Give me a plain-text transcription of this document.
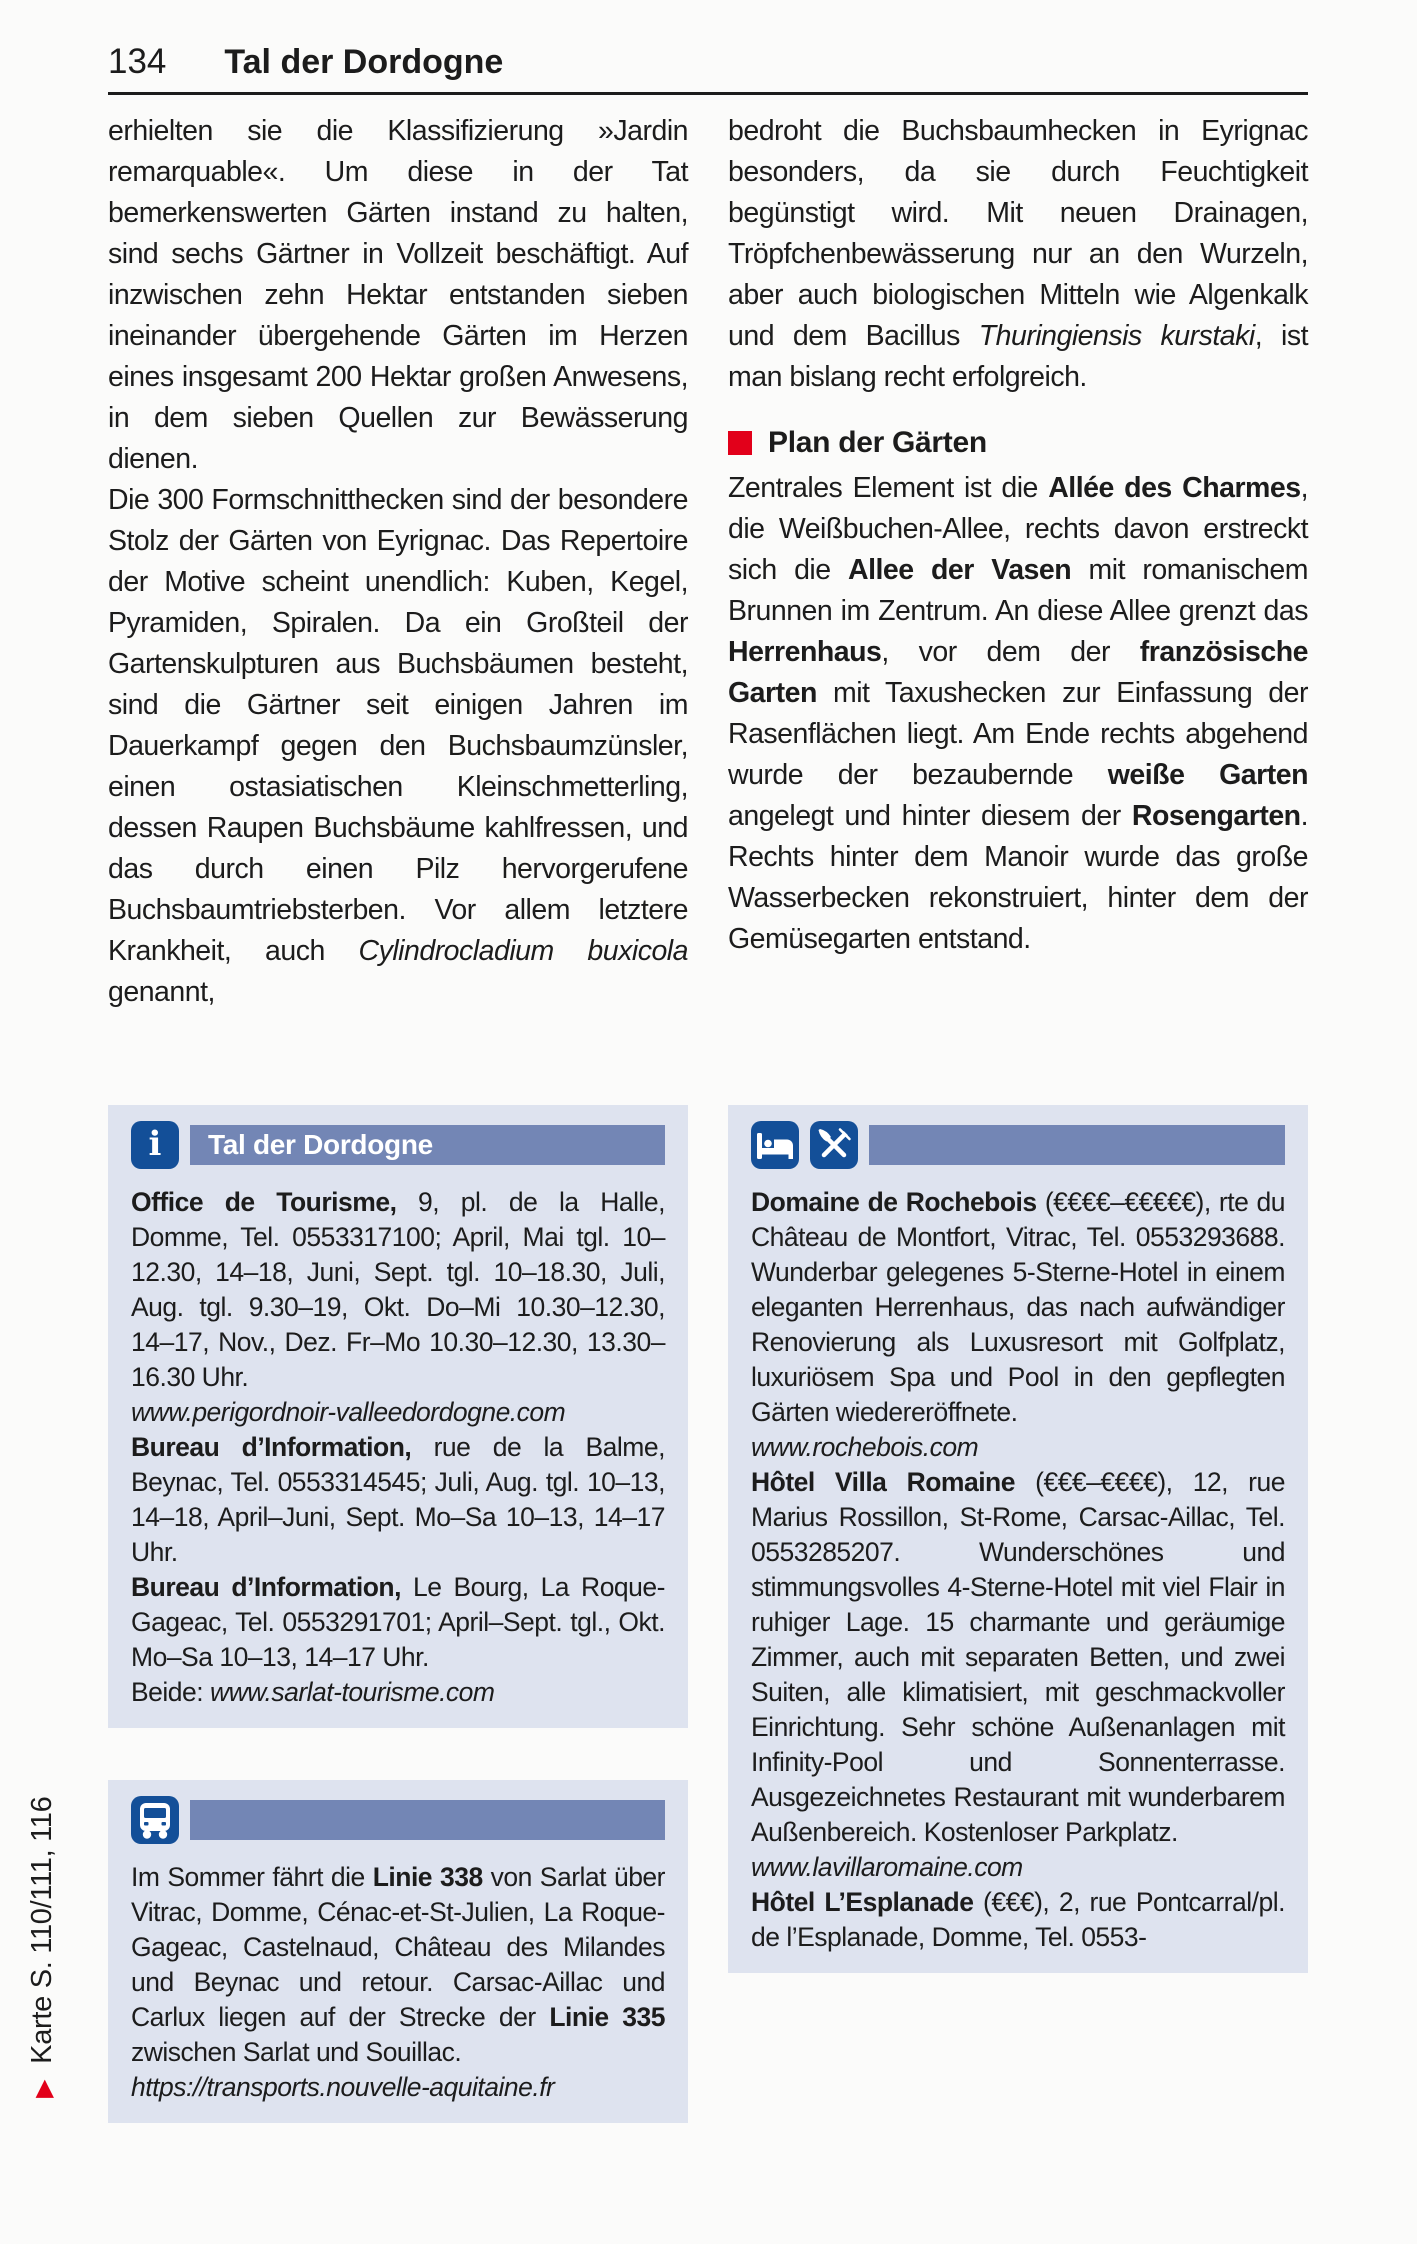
▶Karte S. 110/111, 116
134 Tal der Dordogne

erhielten sie die Klassifizierung »Jardin remarquable«. Um diese in der Tat bemerkenswerten Gärten instand zu halten, sind sechs Gärtner in Vollzeit beschäftigt. Auf inzwischen zehn Hektar entstanden sieben ineinander übergehende Gärten im Herzen eines insgesamt 200 Hektar großen Anwesens, in dem sieben Quellen zur Bewässerung dienen.

Die 300 Formschnitthecken sind der besondere Stolz der Gärten von Eyrignac. Das Repertoire der Motive scheint unendlich: Kuben, Kegel, Pyramiden, Spiralen. Da ein Großteil der Gartenskulpturen aus Buchsbäumen besteht, sind die Gärtner seit einigen Jahren im Dauerkampf gegen den Buchsbaumzünsler, einen ostasiatischen Kleinschmetterling, dessen Raupen Buchsbäume kahlfressen, und das durch einen Pilz hervorgerufene Buchsbaumtriebsterben. Vor allem letztere Krankheit, auch Cylindrocladium buxicola genannt,

bedroht die Buchsbaumhecken in Eyrignac besonders, da sie durch Feuchtigkeit begünstigt wird. Mit neuen Drainagen, Tröpfchenbewässerung nur an den Wurzeln, aber auch biologischen Mitteln wie Algenkalk und dem Bacillus Thuringiensis kurstaki, ist man bislang recht erfolgreich.

Plan der Gärten

Zentrales Element ist die Allée des Charmes, die Weißbuchen-Allee, rechts davon erstreckt sich die Allee der Vasen mit romanischem Brunnen im Zentrum. An diese Allee grenzt das Herrenhaus, vor dem der französische Garten mit Taxushecken zur Einfassung der Rasenflächen liegt. Am Ende rechts abgehend wurde der bezaubernde weiße Garten angelegt und hinter diesem der Rosengarten. Rechts hinter dem Manoir wurde das große Wasserbecken rekonstruiert, hinter dem der Gemüsegarten entstand.

i Tal der Dordogne

Office de Tourisme, 9, pl. de la Halle, Domme, Tel. 0553317100; April, Mai tgl. 10–12.30, 14–18, Juni, Sept. tgl. 10–18.30, Juli, Aug. tgl. 9.30–19, Okt. Do–Mi 10.30–12.30, 14–17, Nov., Dez. Fr–Mo 10.30–12.30, 13.30–16.30 Uhr.

www.perigordnoir-valleedordogne.com

Bureau d’Information, rue de la Balme, Beynac, Tel. 0553314545; Juli, Aug. tgl. 10–13, 14–18, April–Juni, Sept. Mo–Sa 10–13, 14–17 Uhr.

Bureau d’Information, Le Bourg, La Roque-Gageac, Tel. 0553291701; April–Sept. tgl., Okt. Mo–Sa 10–13, 14–17 Uhr.

Beide: www.sarlat-tourisme.com

Im Sommer fährt die Linie 338 von Sarlat über Vitrac, Domme, Cénac-et-St-Julien, La Roque-Gageac, Castelnaud, Château des Milandes und Beynac und retour. Carsac-Aillac und Carlux liegen auf der Strecke der Linie 335 zwischen Sarlat und Souillac.

https://transports.nouvelle-aquitaine.fr

Domaine de Rochebois (€€€€–€€€€€), rte du Château de Montfort, Vitrac, Tel. 0553293688. Wunderbar gelegenes 5-Sterne-Hotel in einem eleganten Herrenhaus, das nach aufwändiger Renovierung als Luxusresort mit Golfplatz, luxuriösem Spa und Pool in den gepflegten Gärten wiedereröffnete.

www.rochebois.com

Hôtel Villa Romaine (€€€–€€€€), 12, rue Marius Rossillon, St-Rome, Carsac-Aillac, Tel. 0553285207. Wunderschönes und stimmungsvolles 4-Sterne-Hotel mit viel Flair in ruhiger Lage. 15 charmante und geräumige Zimmer, auch mit separaten Betten, und zwei Suiten, alle klimatisiert, mit geschmackvoller Einrichtung. Sehr schöne Außenanlagen mit Infinity-Pool und Sonnenterrasse. Ausgezeichnetes Restaurant mit wunderbarem Außenbereich. Kostenloser Parkplatz.

www.lavillaromaine.com

Hôtel L’Esplanade (€€€), 2, rue Pontcarral/pl. de l’Esplanade, Domme, Tel. 0553-
